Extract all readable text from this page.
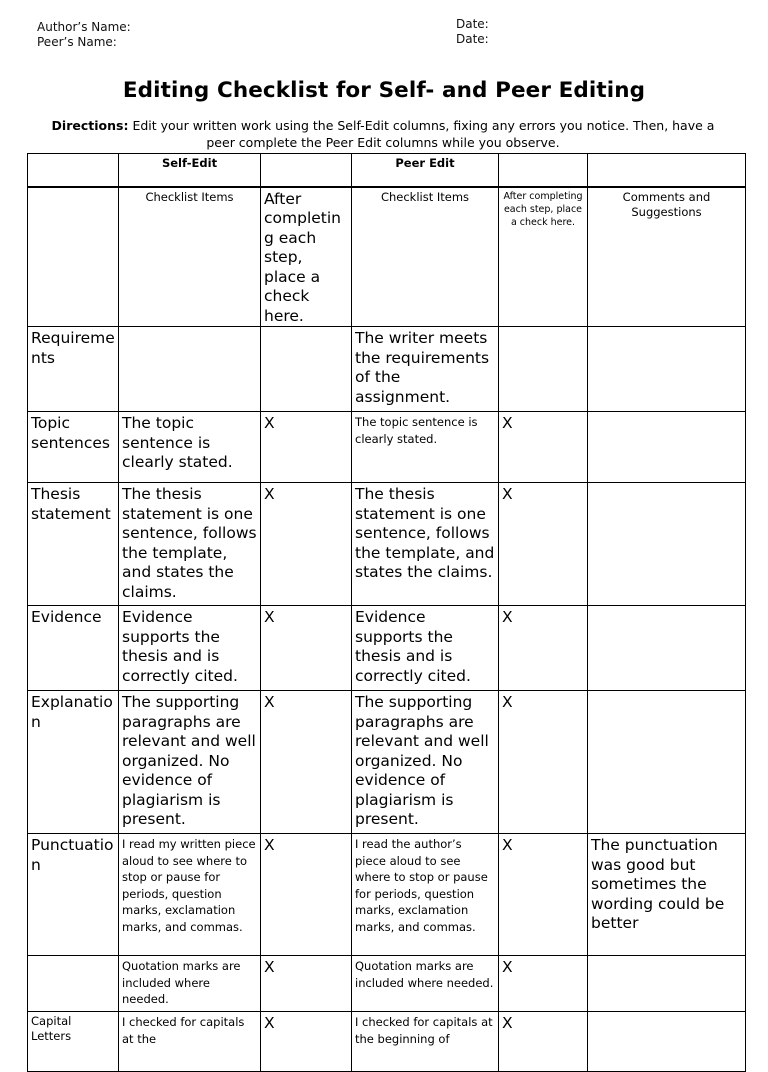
Author’s Name:
Peer’s Name:
Date:
Date:
Editing Checklist for Self- and Peer Editing
Directions: Edit your written work using the Self-Edit columns, fixing any errors you notice. Then, have a peer complete the Peer Edit columns while you observe.
	Self-Edit		Peer Edit		
	Checklist Items	After completin g each step, place a check here.	Checklist Items	After completing each step, place a check here.	Comments and Suggestions
Requireme nts			The writer meets the requirements of the assignment.		
Topic sentences	The topic sentence is clearly stated.	X	The topic sentence is clearly stated.	X	
Thesis statement	The thesis statement is one sentence, follows the template, and states the claims.	X	The thesis statement is one sentence, follows the template, and states the claims.	X	
Evidence	Evidence supports the thesis and is correctly cited.	X	Evidence supports the thesis and is correctly cited.	X	
Explanatio n	The supporting paragraphs are relevant and well organized. No evidence of plagiarism is present.	X	The supporting paragraphs are relevant and well organized. No evidence of plagiarism is present.	X	
Punctuatio n	I read my written piece aloud to see where to stop or pause for periods, question marks, exclamation marks, and commas.	X	I read the author’s piece aloud to see where to stop or pause for periods, question marks, exclamation marks, and commas.	X	The punctuation was good but sometimes the wording could be better
	Quotation marks are included where needed.	X	Quotation marks are included where needed.	X	
Capital Letters	I checked for capitals at the	X	I checked for capitals at the beginning of	X	
